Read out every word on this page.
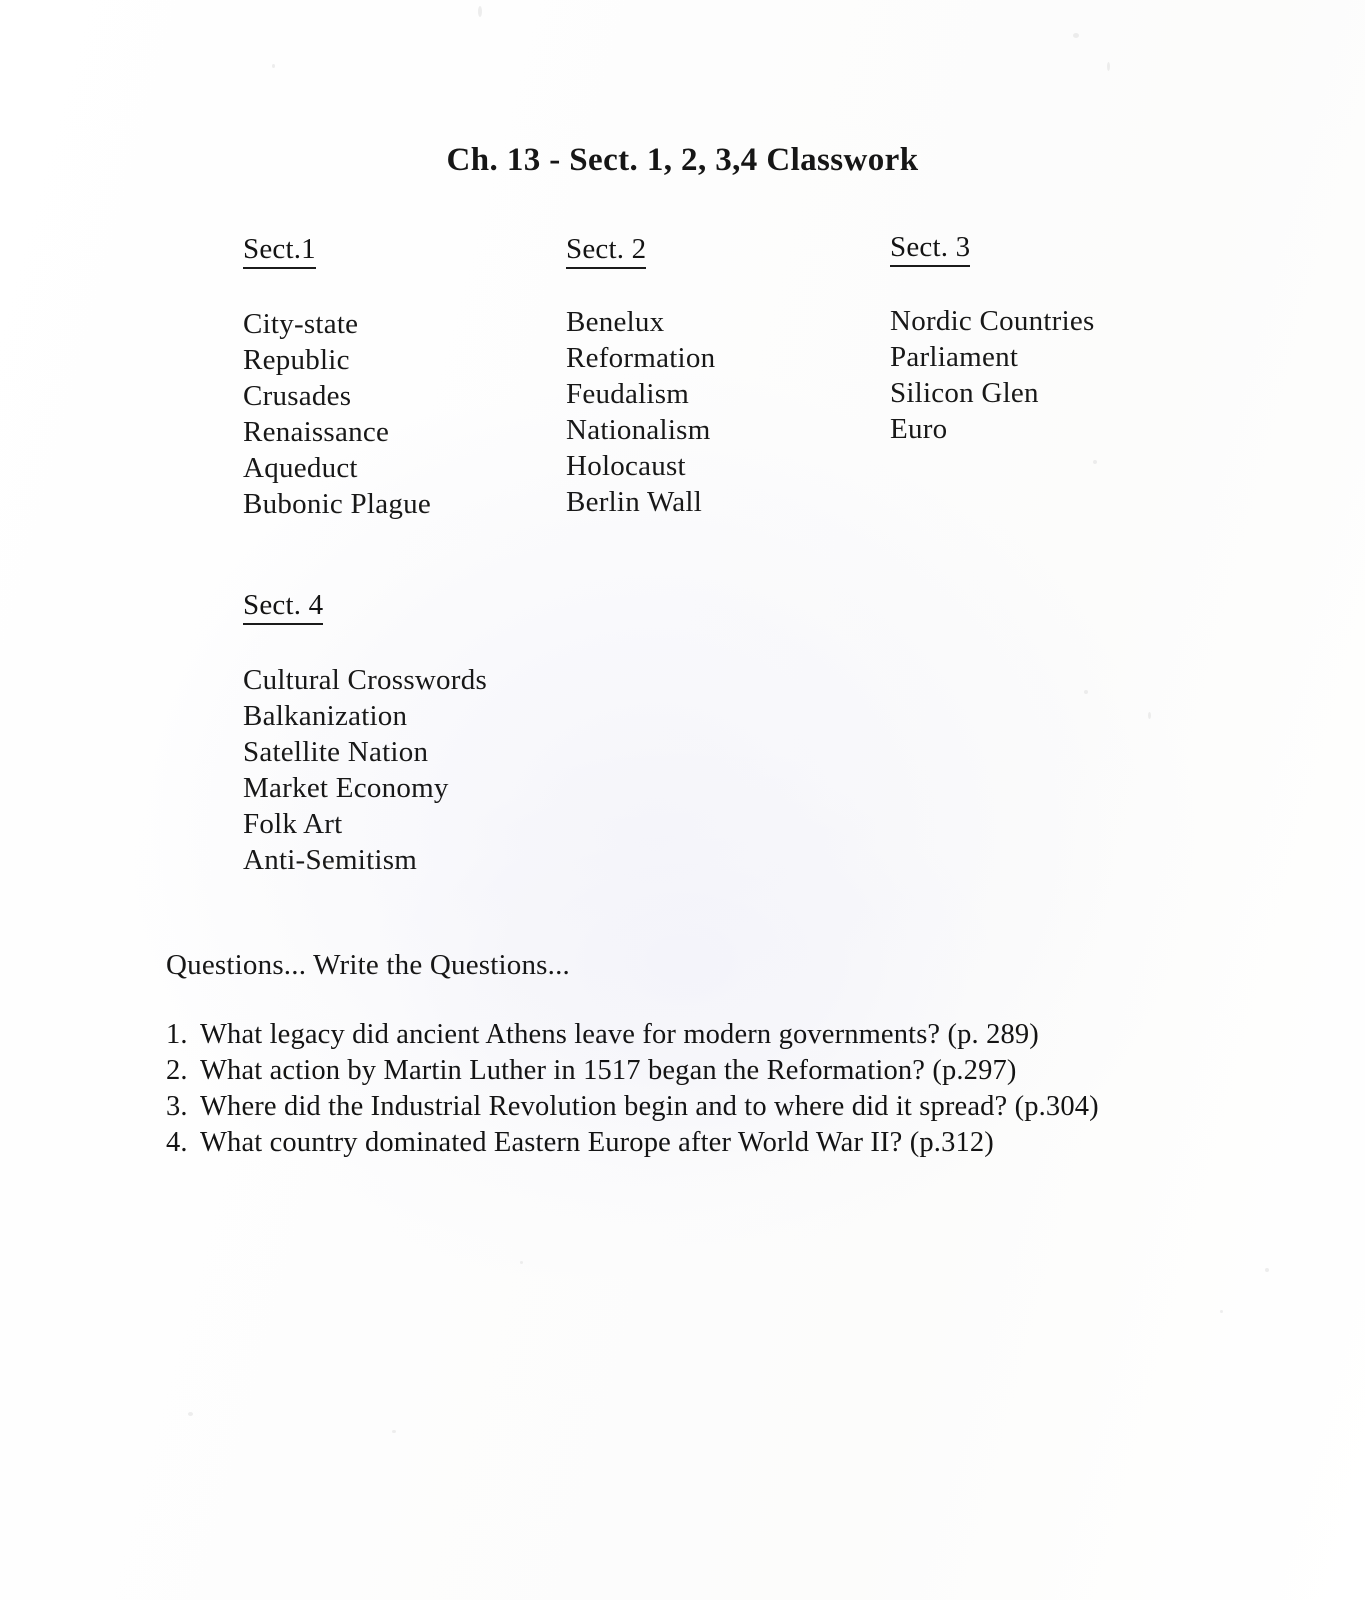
Ch. 13 - Sect. 1, 2, 3,4 Classwork
Sect.1
City-state
Republic
Crusades
Renaissance
Aqueduct
Bubonic Plague
Sect. 2
Benelux
Reformation
Feudalism
Nationalism
Holocaust
Berlin Wall
Sect. 3
Nordic Countries
Parliament
Silicon Glen
Euro
Sect. 4
Cultural Crosswords
Balkanization
Satellite Nation
Market Economy
Folk Art
Anti-Semitism
Questions... Write the Questions...
1. What legacy did ancient Athens leave for modern governments? (p. 289)
2. What action by Martin Luther in 1517 began the Reformation? (p.297)
3. Where did the Industrial Revolution begin and to where did it spread? (p.304)
4. What country dominated Eastern Europe after World War II? (p.312)
